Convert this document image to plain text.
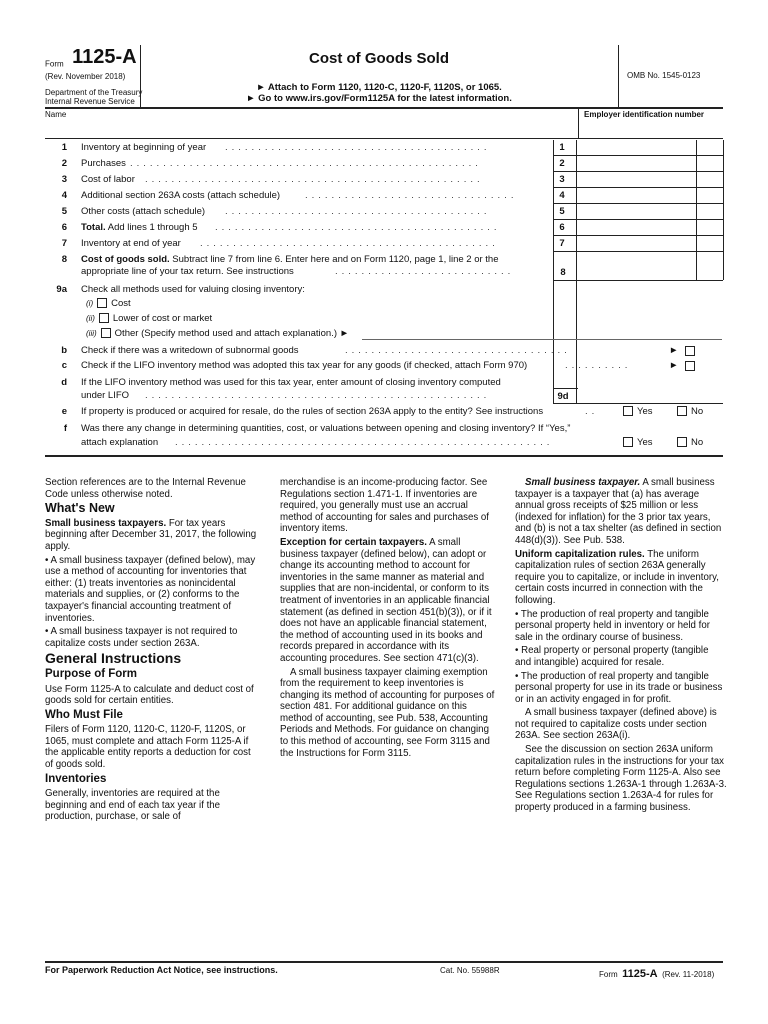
Form 1125-A
(Rev. November 2018)
Department of the Treasury
Internal Revenue Service
Cost of Goods Sold
► Attach to Form 1120, 1120-C, 1120-F, 1120S, or 1065.
► Go to www.irs.gov/Form1125A for the latest information.
OMB No. 1545-0123
Name	Employer identification number
1 Inventory at beginning of year ........................................	1
2 Purchases .....................................................	2
3 Cost of labor ...................................................	3
4 Additional section 263A costs (attach schedule)	................................	4
5 Other costs (attach schedule) ........................................	5
6 Total. Add lines 1 through 5 ...........................................	6
7 Inventory at end of year .............................................	7
8 Cost of goods sold. Subtract line 7 from line 6. Enter here and on Form 1120, page 1, line 2 or the
appropriate line of your tax return. See instructions	...........................	8
9a Check all methods used for valuing closing inventory:
(i) Cost
(ii) Lower of cost or market
(iii) Other (Specify method used and attach explanation.) ►
b Check if there was a writedown of subnormal goods	..................................	►
c Check if the LIFO inventory method was adopted this tax year for any goods (if checked, attach Form 970)	..........	►
d If the LIFO inventory method was used for this tax year, enter amount of closing inventory computed
under LIFO ....................................................	9d
e If property is produced or acquired for resale, do the rules of section 263A apply to the entity? See instructions	..	Yes	No
f Was there any change in determining quantities, cost, or valuations between opening and closing inventory? If “Yes,”
attach explanation .........................................................	Yes	No

Section references are to the Internal Revenue Code unless otherwise noted.

What's New

Small business taxpayers. For tax years beginning after December 31, 2017, the following apply.

• A small business taxpayer (defined below), may use a method of accounting for inventories that either: (1) treats inventories as nonincidental materials and supplies, or (2) conforms to the taxpayer's financial accounting treatment of inventories.

• A small business taxpayer is not required to capitalize costs under section 263A.

General Instructions
Purpose of Form

Use Form 1125-A to calculate and deduct cost of goods sold for certain entities.

Who Must File

Filers of Form 1120, 1120-C, 1120-F, 1120S, or 1065, must complete and attach Form 1125-A if the applicable entity reports a deduction for cost of goods sold.

Inventories

Generally, inventories are required at the beginning and end of each tax year if the production, purchase, or sale of

merchandise is an income-producing factor. See Regulations section 1.471-1. If inventories are required, you generally must use an accrual method of accounting for sales and purchases of inventory items.

Exception for certain taxpayers. A small business taxpayer (defined below), can adopt or change its accounting method to account for inventories in the same manner as material and supplies that are non-incidental, or conform to its treatment of inventories in an applicable financial statement (as defined in section 451(b)(3)), or if it does not have an applicable financial statement, the method of accounting used in its books and records prepared in accordance with its accounting procedures. See section 471(c)(3).

A small business taxpayer claiming exemption from the requirement to keep inventories is changing its method of accounting for purposes of section 481. For additional guidance on this method of accounting, see Pub. 538, Accounting Periods and Methods. For guidance on changing to this method of accounting, see Form 3115 and the Instructions for Form 3115.

Small business taxpayer. A small business taxpayer is a taxpayer that (a) has average annual gross receipts of $25 million or less (indexed for inflation) for the 3 prior tax years, and (b) is not a tax shelter (as defined in section 448(d)(3)). See Pub. 538.

Uniform capitalization rules. The uniform capitalization rules of section 263A generally require you to capitalize, or include in inventory, certain costs incurred in connection with the following.

• The production of real property and tangible personal property held in inventory or held for sale in the ordinary course of business.

• Real property or personal property (tangible and intangible) acquired for resale.

• The production of real property and tangible personal property for use in its trade or business or in an activity engaged in for profit.

A small business taxpayer (defined above) is not required to capitalize costs under section 263A. See section 263A(i).

See the discussion on section 263A uniform capitalization rules in the instructions for your tax return before completing Form 1125-A. Also see Regulations sections 1.263A-1 through 1.263A-3. See Regulations section 1.263A-4 for rules for property produced in a farming business.

For Paperwork Reduction Act Notice, see instructions.	Cat. No. 55988R	Form 1125-A (Rev. 11-2018)
